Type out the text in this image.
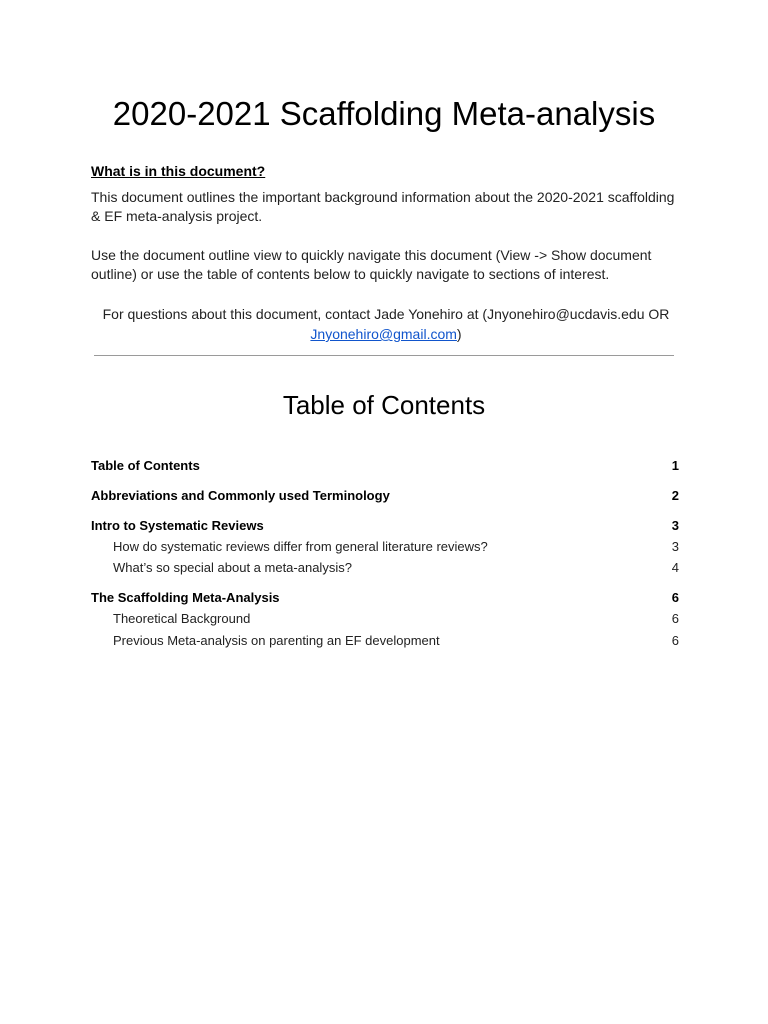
2020-2021 Scaffolding Meta-analysis
What is in this document?

This document outlines the important background information about the 2020-2021 scaffolding & EF meta-analysis project.

Use the document outline view to quickly navigate this document (View -> Show document outline) or use the table of contents below to quickly navigate to sections of interest.

For questions about this document, contact Jade Yonehiro at (Jnyonehiro@ucdavis.edu OR Jnyonehiro@gmail.com)

Table of Contents
Table of Contents	1
Abbreviations and Commonly used Terminology	2
Intro to Systematic Reviews	3
How do systematic reviews differ from general literature reviews?	3
What’s so special about a meta-analysis?	4
The Scaffolding Meta-Analysis	6
Theoretical Background	6
Previous Meta-analysis on parenting an EF development	6
